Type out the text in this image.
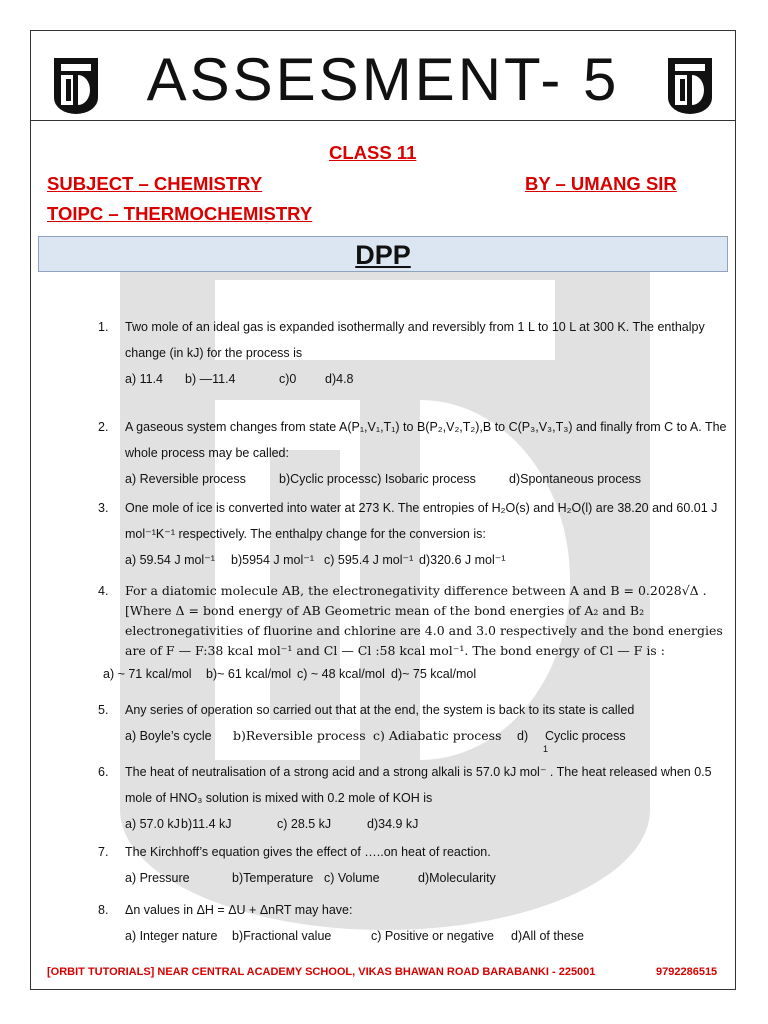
ASSESMENT- 5
CLASS 11
SUBJECT – CHEMISTRY	BY – UMANG SIR
TOIPC – THERMOCHEMISTRY
DPP
1. Two mole of an ideal gas is expanded isothermally and reversibly from 1 L to 10 L at 300 K. The enthalpy change (in kJ) for the process is
a) 11.4	b) —11.4	c)0	d)4.8
2. A gaseous system changes from state A(P₁,V₁,T₁) to B(P₂,V₂,T₂),B to C(P₃,V₃,T₃) and finally from C to A. The whole process may be called:
a) Reversible process	b)Cyclic process c) Isobaric process	d)Spontaneous process
3. One mole of ice is converted into water at 273 K. The entropies of H₂O(s) and H₂O(l) are 38.20 and 60.01 J mol⁻¹K⁻¹ respectively. The enthalpy change for the conversion is:
a) 59.54 J mol⁻¹	b)5954 J mol⁻¹ c) 595.4 J mol⁻¹ d)320.6 J mol⁻¹
4. For a diatomic molecule AB, the electronegativity difference between A and B = 0.2028√Δ . [Where Δ = bond energy of AB Geometric mean of the bond energies of A₂ and B₂ electronegativities of fluorine and chlorine are 4.0 and 3.0 respectively and the bond energies are of F — F:38 kcal mol⁻¹ and Cl — Cl :58 kcal mol⁻¹. The bond energy of Cl — F is :
a) ~ 71 kcal/mol	b)~ 61 kcal/mol c) ~ 48 kcal/mol d)~ 75 kcal/mol
5. Any series of operation so carried out that at the end, the system is back to its state is called
a) Boyle’s cycle	b)Reversible process c) Adiabatic process	d)	Cyclic process
1
6. The heat of neutralisation of a strong acid and a strong alkali is 57.0 kJ mol⁻ . The heat released when 0.5 mole of HNO₃ solution is mixed with 0.2 mole of KOH is
a) 57.0 kJ b)11.4 kJ	c) 28.5 kJ	d)34.9 kJ
7. The Kirchhoff’s equation gives the effect of …..on heat of reaction.
a) Pressure	b)Temperature c) Volume	d)Molecularity
8. Δn values in ΔH = ΔU + ΔnRT may have:
a) Integer nature	b)Fractional value	c) Positive or negative	d)All of these
[ORBIT TUTORIALS] NEAR CENTRAL ACADEMY SCHOOL, VIKAS BHAWAN ROAD BARABANKI - 225001	9792286515
